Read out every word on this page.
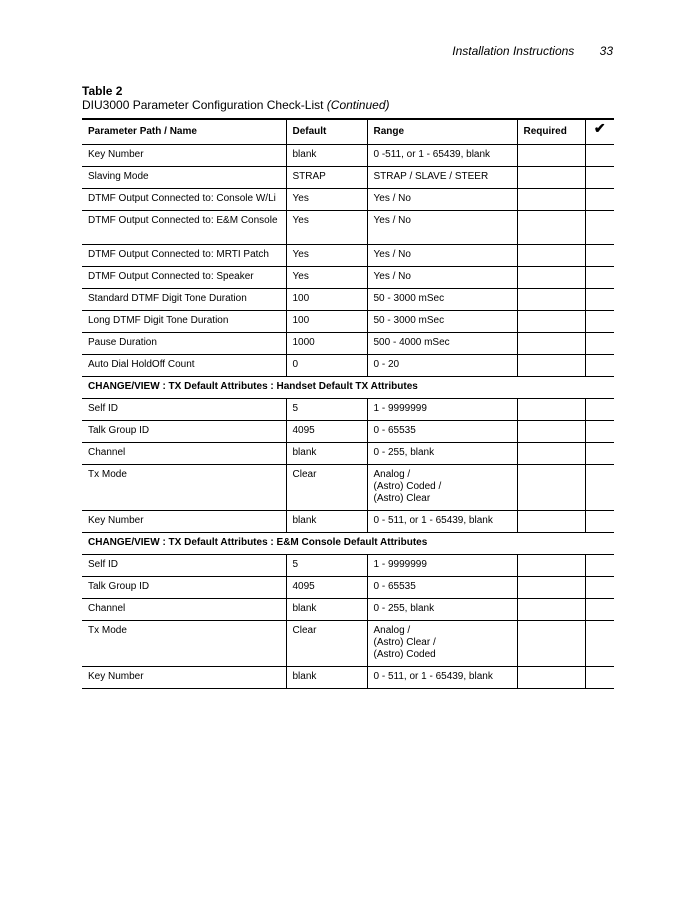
Installation Instructions 33
Table 2
DIU3000 Parameter Configuration Check-List (Continued)
Parameter Path / Name	Default	Range	Required	✔
Key Number	blank	0 -511, or 1 - 65439, blank		
Slaving Mode	STRAP	STRAP / SLAVE / STEER		
DTMF Output Connected to: Console W/Li	Yes	Yes / No		
DTMF Output Connected to: E&M Console	Yes	Yes / No		
DTMF Output Connected to: MRTI Patch	Yes	Yes / No		
DTMF Output Connected to: Speaker	Yes	Yes / No		
Standard DTMF Digit Tone Duration	100	50 - 3000 mSec		
Long DTMF Digit Tone Duration	100	50 - 3000 mSec		
Pause Duration	1000	500 - 4000 mSec		
Auto Dial HoldOff Count	0	0 - 20		
CHANGE/VIEW : TX Default Attributes : Handset Default TX Attributes				
Self ID	5	1 - 9999999		
Talk Group ID	4095	0 - 65535		
Channel	blank	0 - 255, blank		
Tx Mode	Clear	Analog /
(Astro) Coded /
(Astro) Clear		
Key Number	blank	0 - 511, or 1 - 65439, blank		
CHANGE/VIEW : TX Default Attributes : E&M Console Default Attributes				
Self ID	5	1 - 9999999		
Talk Group ID	4095	0 - 65535		
Channel	blank	0 - 255, blank		
Tx Mode	Clear	Analog /
(Astro) Clear /
(Astro) Coded		
Key Number	blank	0 - 511, or 1 - 65439, blank		
